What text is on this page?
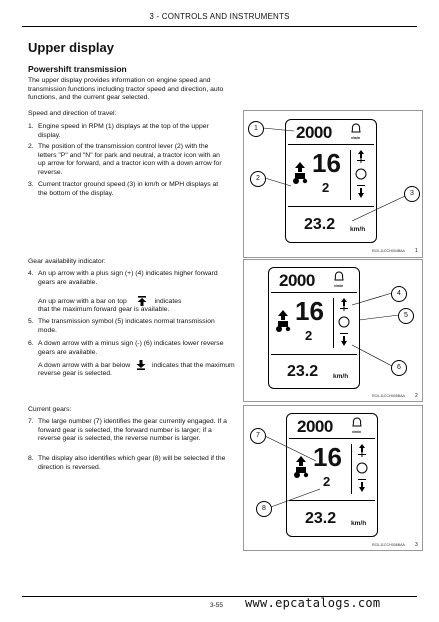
3 - CONTROLS AND INSTRUMENTS
Upper display
Powershift transmission
The upper display provides information on engine speed and transmission functions including tractor speed and direction, auto functions, and the current gear selected.
Speed and direction of travel:
1. Engine speed in RPM (1) displays at the top of the upper display.
2. The position of the transmission control lever (2) with the letters "P" and "N" for park and neutral, a tractor icon with an up arrow for forward, and a tractor icon with a down arrow for reverse.
3. Current tractor ground speed (3) in km/h or MPH displays at the bottom of the display.
Gear availability indicator:
4. An up arrow with a plus sign (+) (4) indicates higher forward gears are available.
An up arrow with a bar on top	indicates that the maximum forward gear is available.
5. The transmission symbol (5) indicates normal transmission mode.
6. A down arrow with a minus sign (-) (6) indicates lower reverse gears are available.
A down arrow with a bar below	indicates that the maximum reverse gear is selected.
Current gears:
7. The large number (7) identifies the gear currently engaged. If a forward gear is selected, the forward number is larger; if a reverse gear is selected, the reverse number is larger.
8. The display also identifies which gear (8) will be selected if the direction is reversed.
2000	x/min
16
2
23.2 km/h
1
2
3
RCIL11CCH004BAA 1
2000	x/min
16
2
23.2 km/h
4
5
6
RCIL11CCH005BAA 2
2000	x/min
16
2
23.2 km/h
7
8
RCIL11CCH006BAA 3
3-55 www.epcatalogs.com
